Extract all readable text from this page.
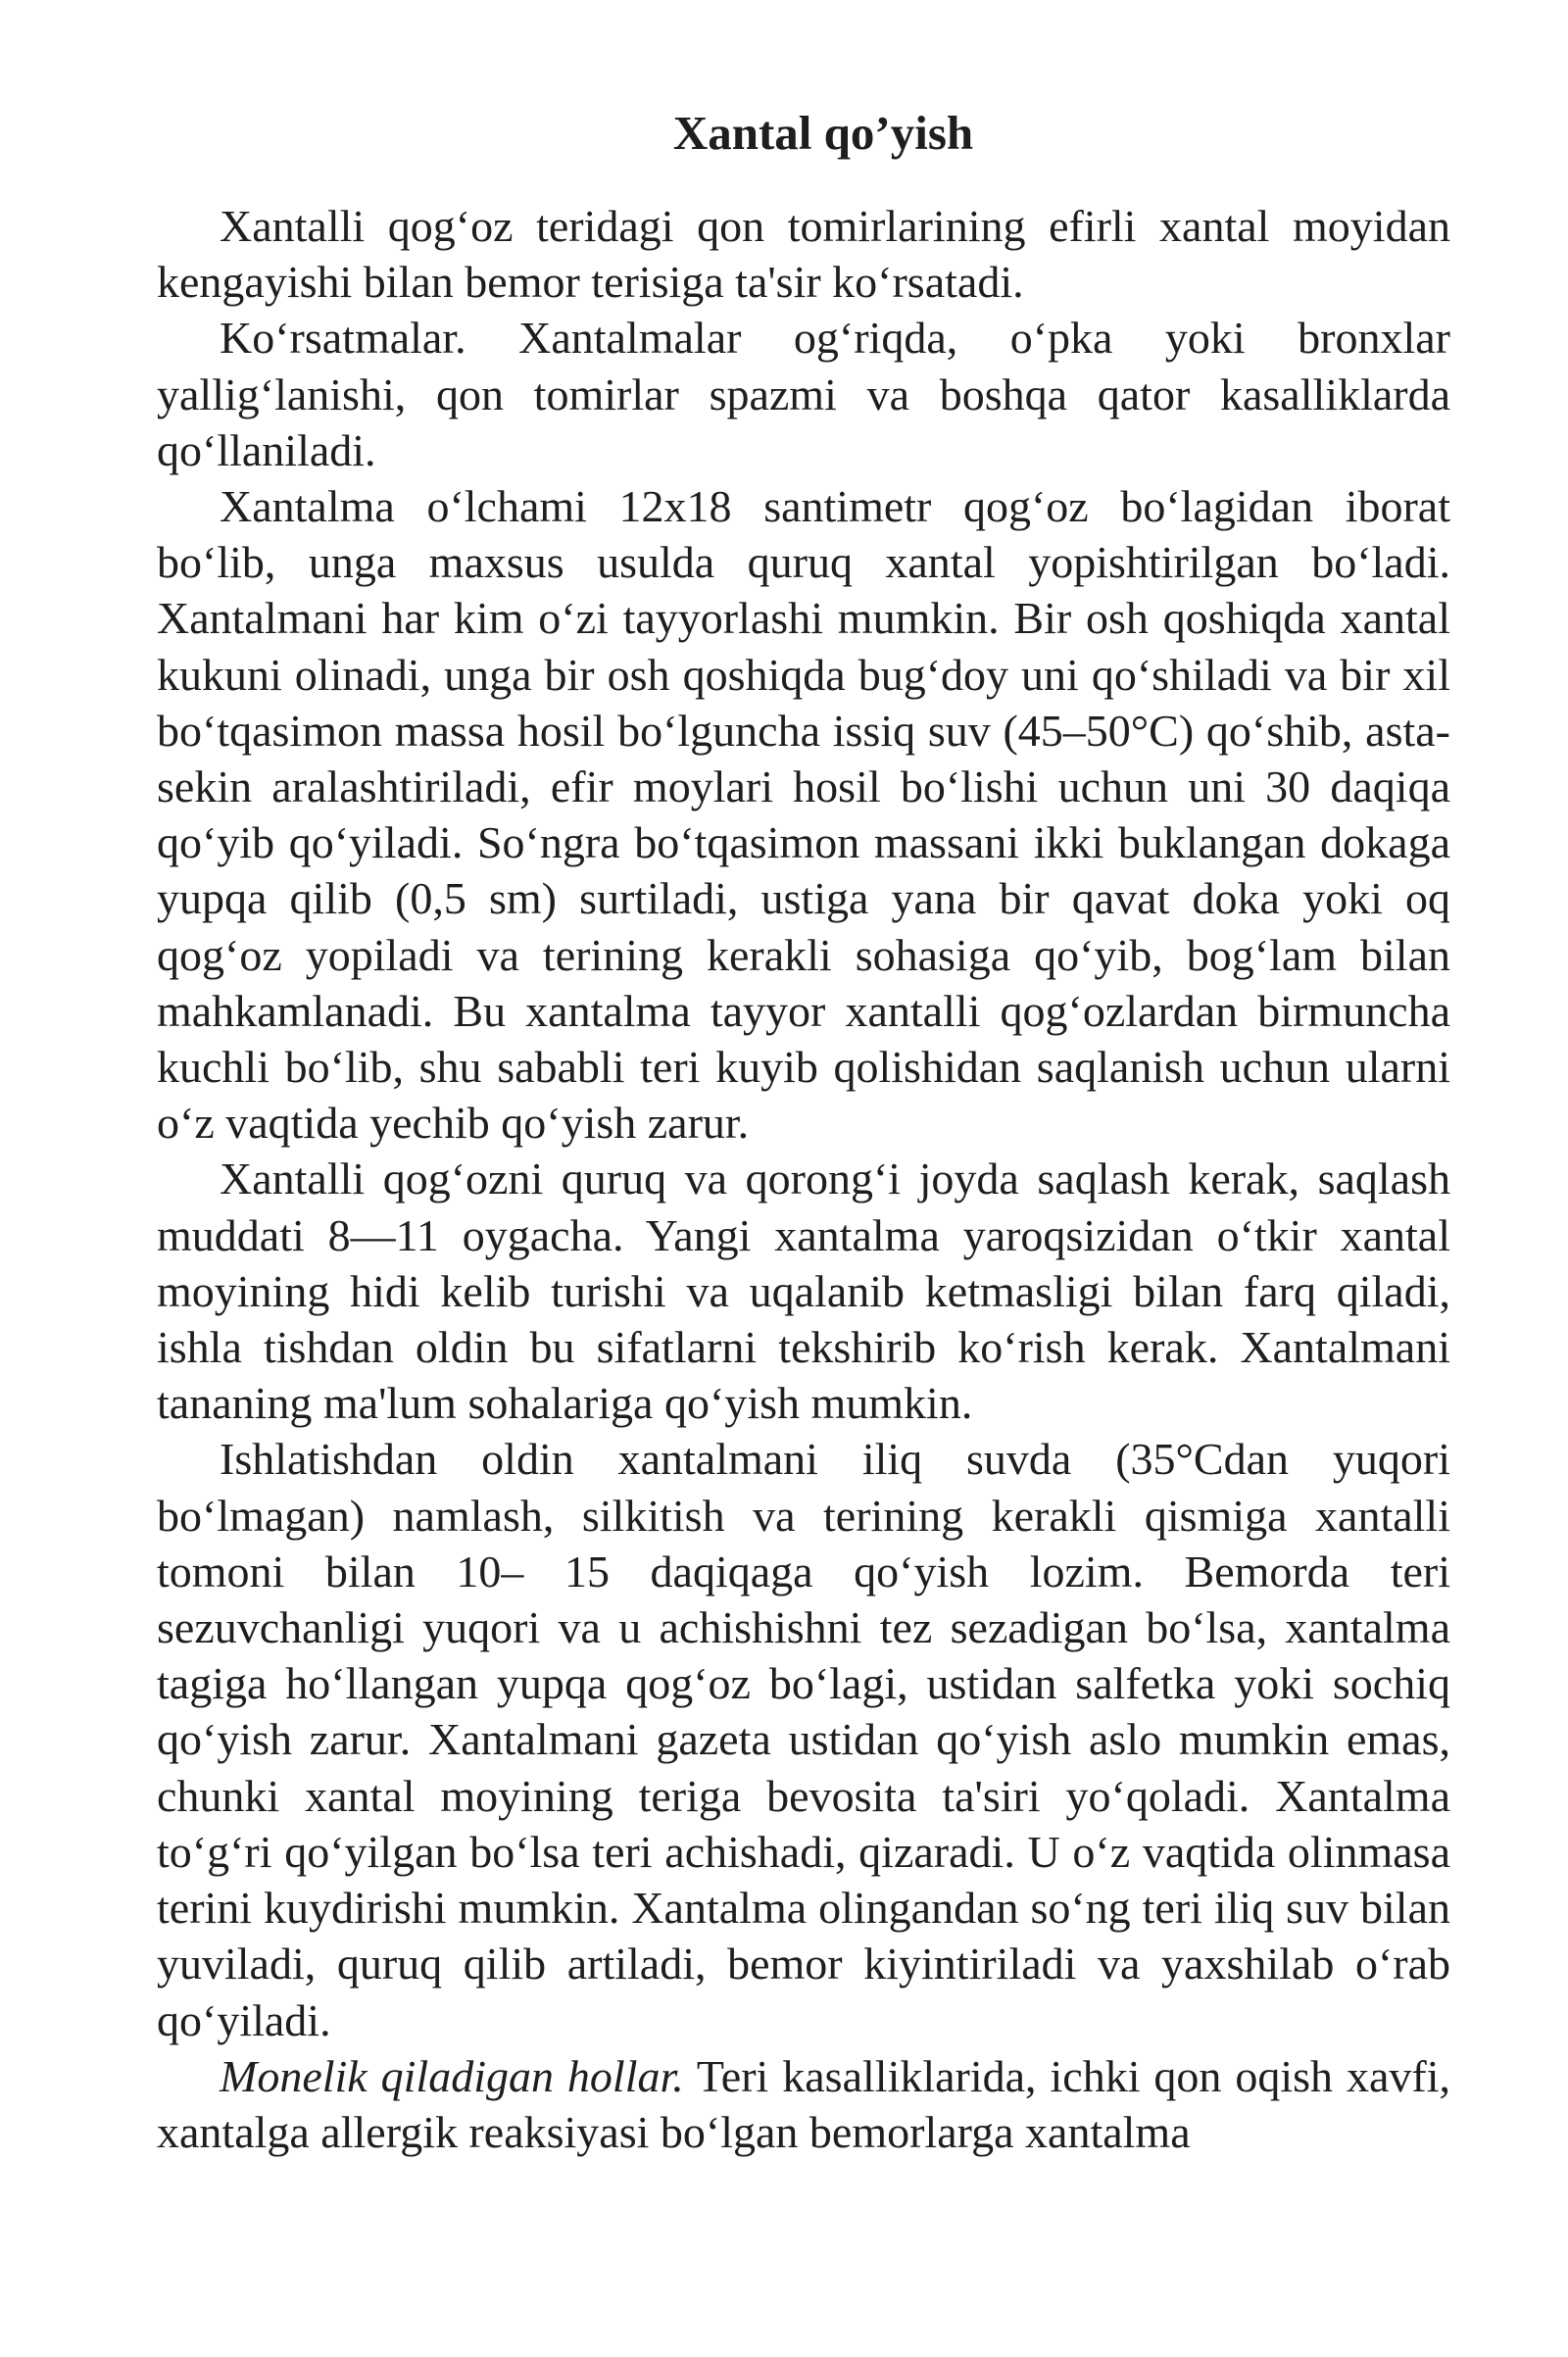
Xantal qo’yish

Xantalli qog‘oz teridagi qon tomirlarining efirli xantal moyidan kengayishi bilan bemor terisiga ta'sir ko‘rsatadi.

Ko‘rsatmalar. Xantalmalar og‘riqda, o‘pka yoki bronxlar yallig‘lanishi, qon tomirlar spazmi va boshqa qator kasalliklarda qo‘llaniladi.

Xantalma o‘lchami 12x18 santimetr qog‘oz bo‘lagidan iborat bo‘lib, unga maxsus usulda quruq xantal yopishtirilgan bo‘ladi. Xantalmani har kim o‘zi tayyorlashi mumkin. Bir osh qoshiqda xantal kukuni olinadi, unga bir osh qoshiqda bug‘doy uni qo‘shiladi va bir xil bo‘tqasimon massa hosil bo‘lguncha issiq suv (45–50°C) qo‘shib, asta-sekin aralashtiriladi, efir moylari hosil bo‘lishi uchun uni 30 daqiqa qo‘yib qo‘yiladi. So‘ngra bo‘tqasimon massani ikki buklangan dokaga yupqa qilib (0,5 sm) surtiladi, ustiga yana bir qavat doka yoki oq qog‘oz yopiladi va terining kerakli sohasiga qo‘yib, bog‘lam bilan mahkamlanadi. Bu xantalma tayyor xantalli qog‘ozlardan birmuncha kuchli bo‘lib, shu sababli teri kuyib qolishidan saqlanish uchun ularni o‘z vaqtida yechib qo‘yish zarur.

Xantalli qog‘ozni quruq va qorong‘i joyda saqlash kerak, saqlash muddati 8—11 oygacha. Yangi xantalma yaroqsizidan o‘tkir xantal moyining hidi kelib turishi va uqalanib ketmasligi bilan farq qiladi, ishla tishdan oldin bu sifatlarni tekshirib ko‘rish kerak. Xantalmani tananing ma'lum sohalariga qo‘yish mumkin.

Ishlatishdan oldin xantalmani iliq suvda (35°Cdan yuqori bo‘lmagan) namlash, silkitish va terining kerakli qismiga xantalli tomoni bilan 10– 15 daqiqaga qo‘yish lozim. Bemorda teri sezuvchanligi yuqori va u achishishni tez sezadigan bo‘lsa, xantalma tagiga ho‘llangan yupqa qog‘oz bo‘lagi, ustidan salfetka yoki sochiq qo‘yish zarur. Xantalmani gazeta ustidan qo‘yish aslo mumkin emas, chunki xantal moyining teriga bevosita ta'siri yo‘qoladi. Xantalma to‘g‘ri qo‘yilgan bo‘lsa teri achishadi, qizaradi. U o‘z vaqtida olinmasa terini kuydirishi mumkin. Xantalma olingandan so‘ng teri iliq suv bilan yuviladi, quruq qilib artiladi, bemor kiyintiriladi va yaxshilab o‘rab qo‘yiladi.

Monelik qiladigan hollar. Teri kasalliklarida, ichki qon oqish xavfi, xantalga allergik reaksiyasi bo‘lgan bemorlarga xantalma
